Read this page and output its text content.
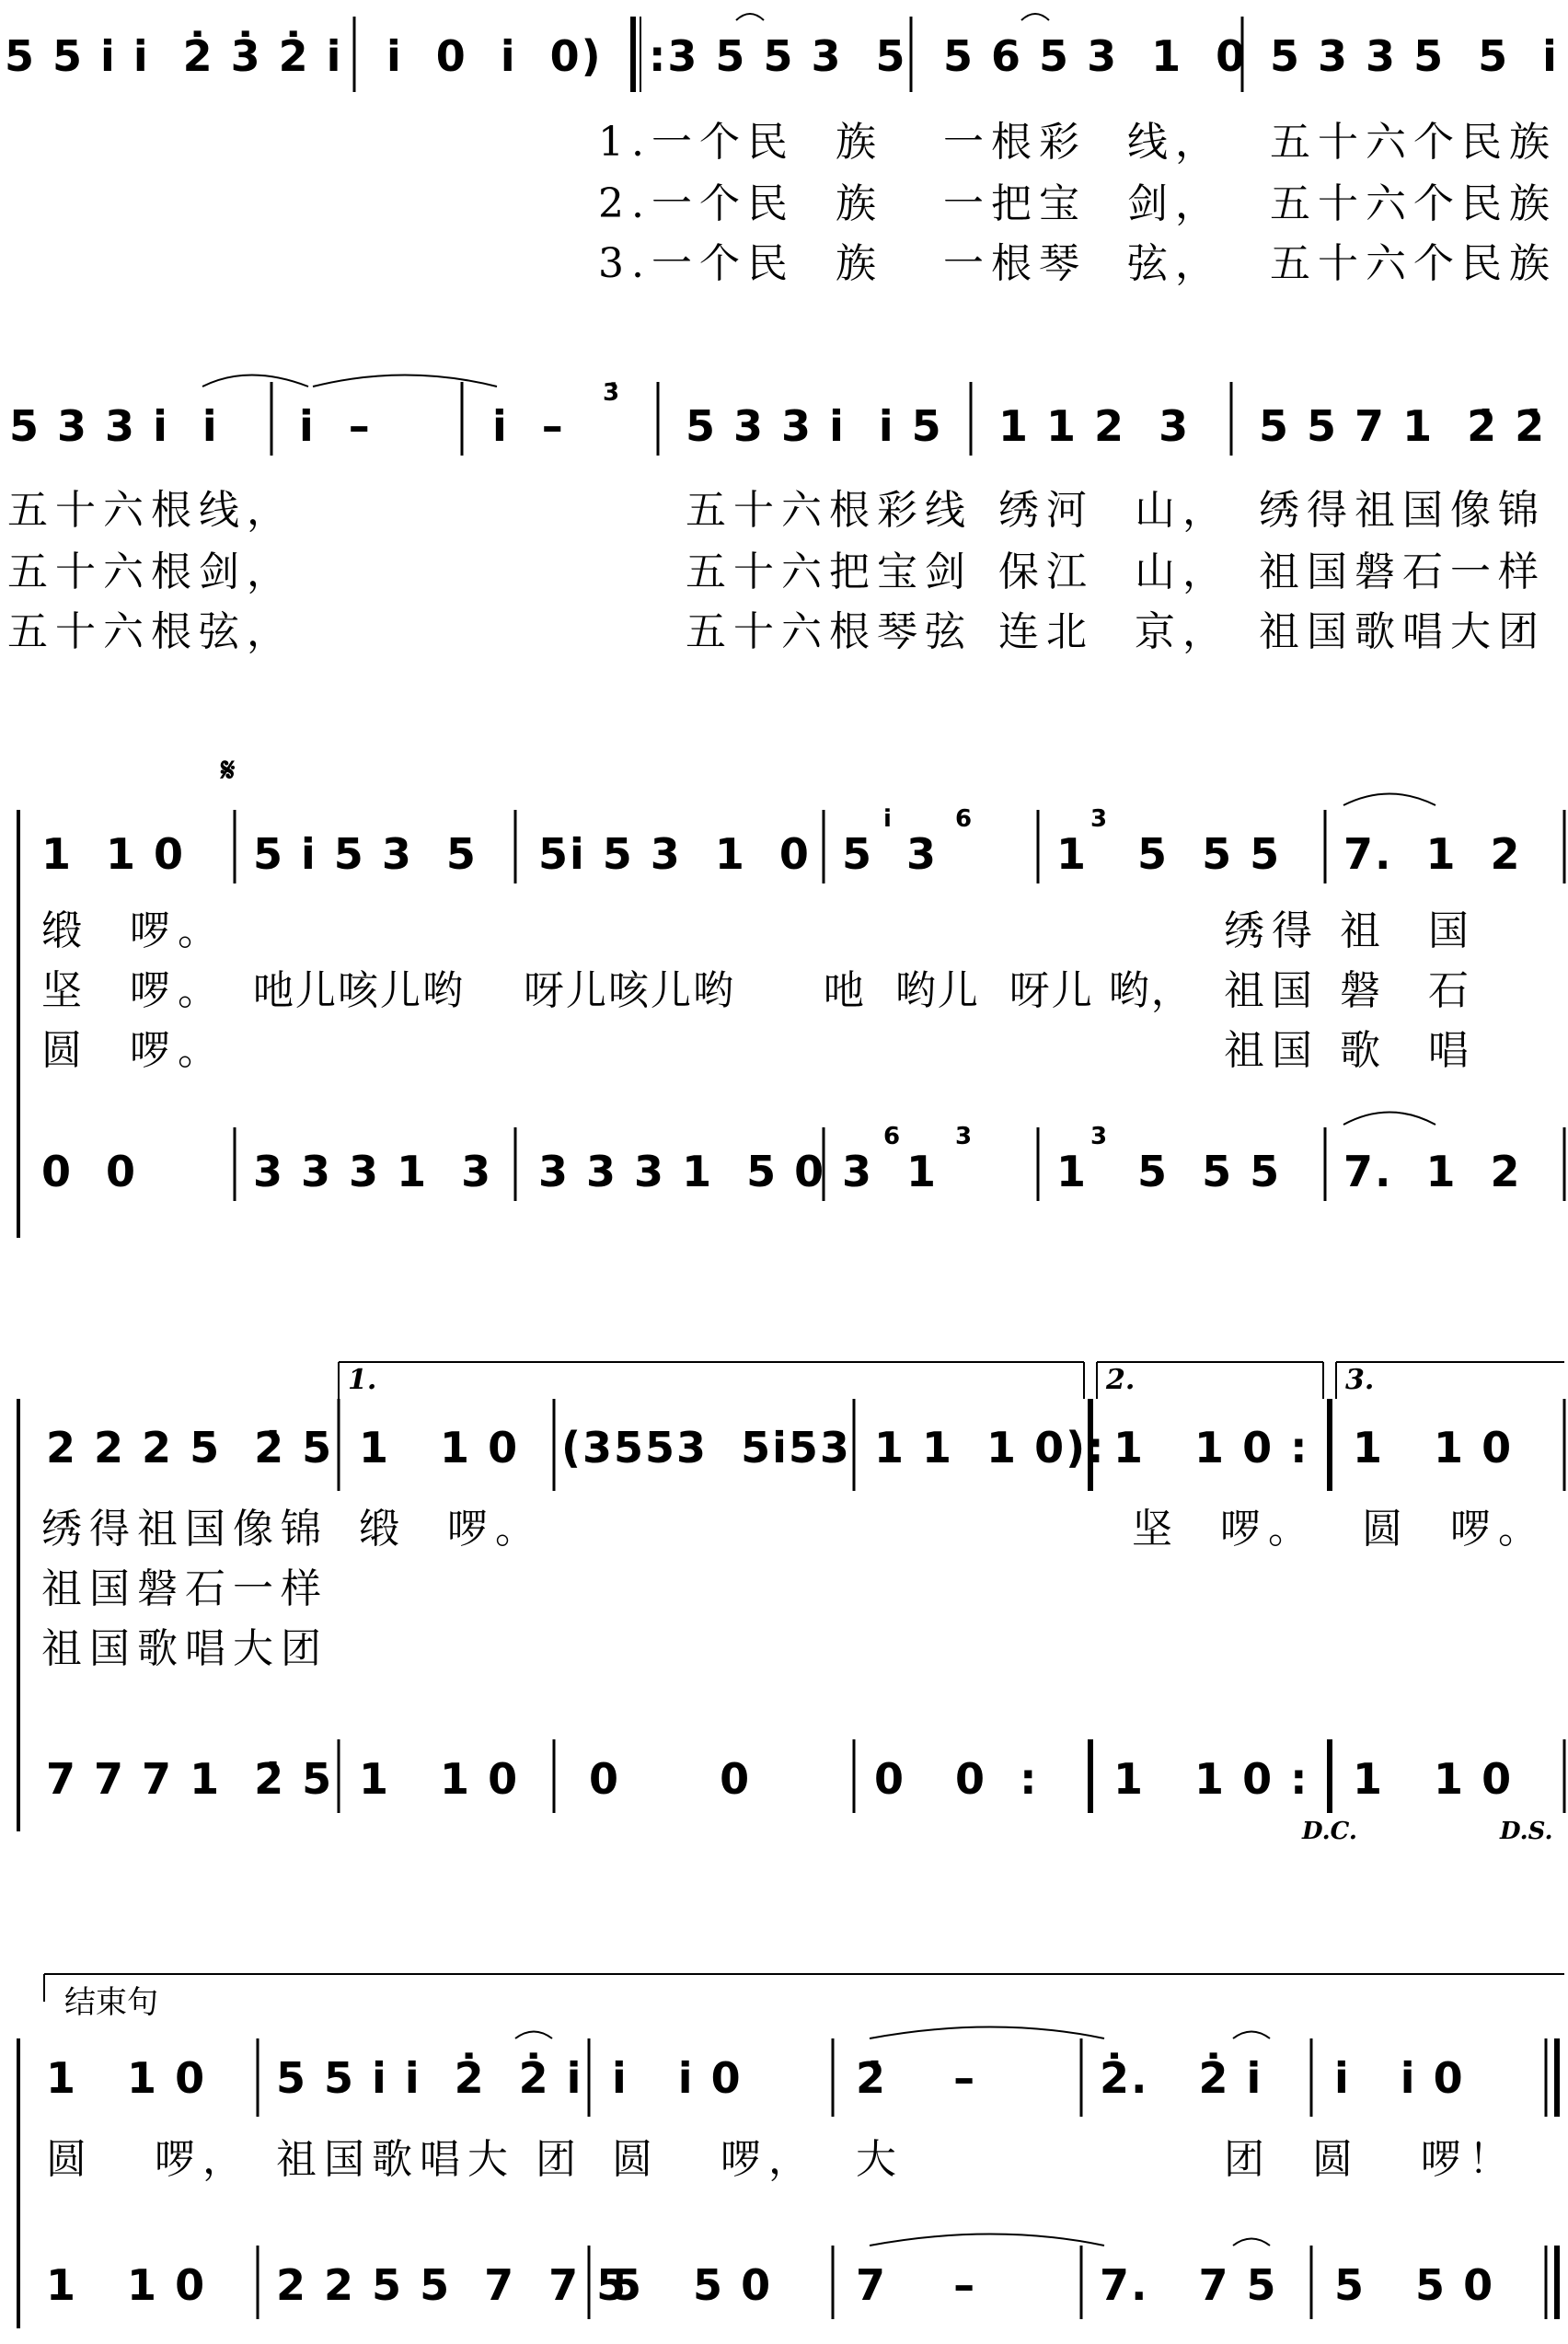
5 5 i̇ i̇  2̇ 3̇ 2̇ i̇ i̇  0  i̇  0) :3 5 5 3  5 5 6 5 3  1  0 5 3 3 5  5  i̇
1.一个民  族 一根彩  线， 五十六个民族
2.一个民  族 一把宝  剑， 五十六个民族
3.一个民  族 一根琴  弦， 五十六个民族
5 3 3 i̇  i̇ i̇  –	i̇  –
3̇
5 3 3 i̇  i̇ 5 1 1 2  3 5 5 7 1  2̇ 2̇
五十六根线，	五十六根彩线 绣河  山， 绣得祖国像锦
五十六根剑，	五十六把宝剑 保江  山， 祖国磐石一样
五十六根弦，	五十六根琴弦 连北  京， 祖国歌唱大团
𝄋
1  1 0 5 i̇ 5 3  5 5i̇ 5 3  1  0 5  3
i̇	6
1   5  5 5
3
7.  1  2
缎  啰。	绣得 祖  国
坚  啰。 吔儿咳儿哟    呀儿咳儿哟      吔  哟儿  呀儿 哟， 祖国 磐  石
圆  啰。	祖国 歌  唱
0  0	3 3 3 1  3 3 3 3 1  5 0 3  1
6 3
1   5  5 5
3
7.  1  2
1.	2.	3.
2 2 2 5  2̇ 5 1   1 0 (3553  5i̇53 1 1  1 0): 1   1 0 : 1   1 0
绣得祖国像锦 缎  啰。	坚  啰。 圆  啰。
祖国磐石一样
祖国歌唱大团
7 7 7 1  2̇ 5 1   1 0 0      0	0   0  : 1   1 0 : 1   1 0
D.C.	D.S.
结束句
1   1 0 5 5 i̇ i̇  2̇  2̇ i̇ i̇   i̇ 0	2̇    –	2̇.   2̇ i̇ i̇   i̇ 0
圆   啰， 祖国歌唱大 团 圆   啰， 大	团  圆   啰！
1   1 0 2 2 5 5  7  7 5
5   5 0 7    –	7.   7 5 5   5 0
